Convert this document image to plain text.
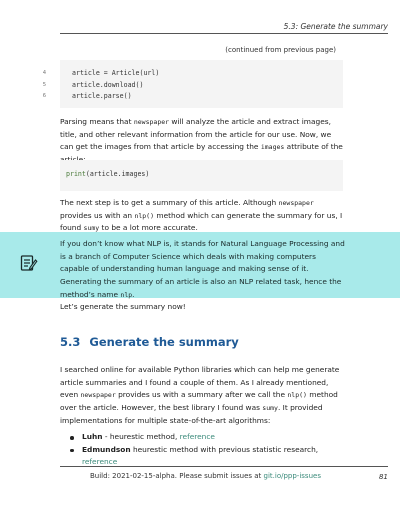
5.3: Generate the summary
(continued from previous page)
4	article = Article(url)
5	article.download()
6	article.parse()

Parsing means that newspaper will analyze the article and extract images, title, and other relevant information from the article for our use. Now, we can get the images from that article by accessing the images attribute of the

print(article.images)

The next step is to get a summary of this article. Although newspaper provides us with an nlp() method which can generate the summary for us, I found sumy to be a lot more accurate.

If you don’t know what NLP is, it stands for Natural Language Processing and is a branch of Computer Science which deals with making computers capable of understanding human language and making sense of it. Generating the summary of an article is also an NLP related task, hence the method’s name nlp.

Let’s generate the summary now!

5.3 Generate the summary

I searched online for available Python libraries which can help me generate article summaries and I found a couple of them. As I already mentioned, even newspaper provides us with a summary after we call the nlp() method over the article. However, the best library I found was sumy. It provided implementations for multiple state-of-the-art algorithms:

Luhn - heurestic method, reference
Edmundson heurestic method with previous statistic research, reference
Build: 2021-02-15-alpha. Please submit issues at git.io/ppp-issues	81
